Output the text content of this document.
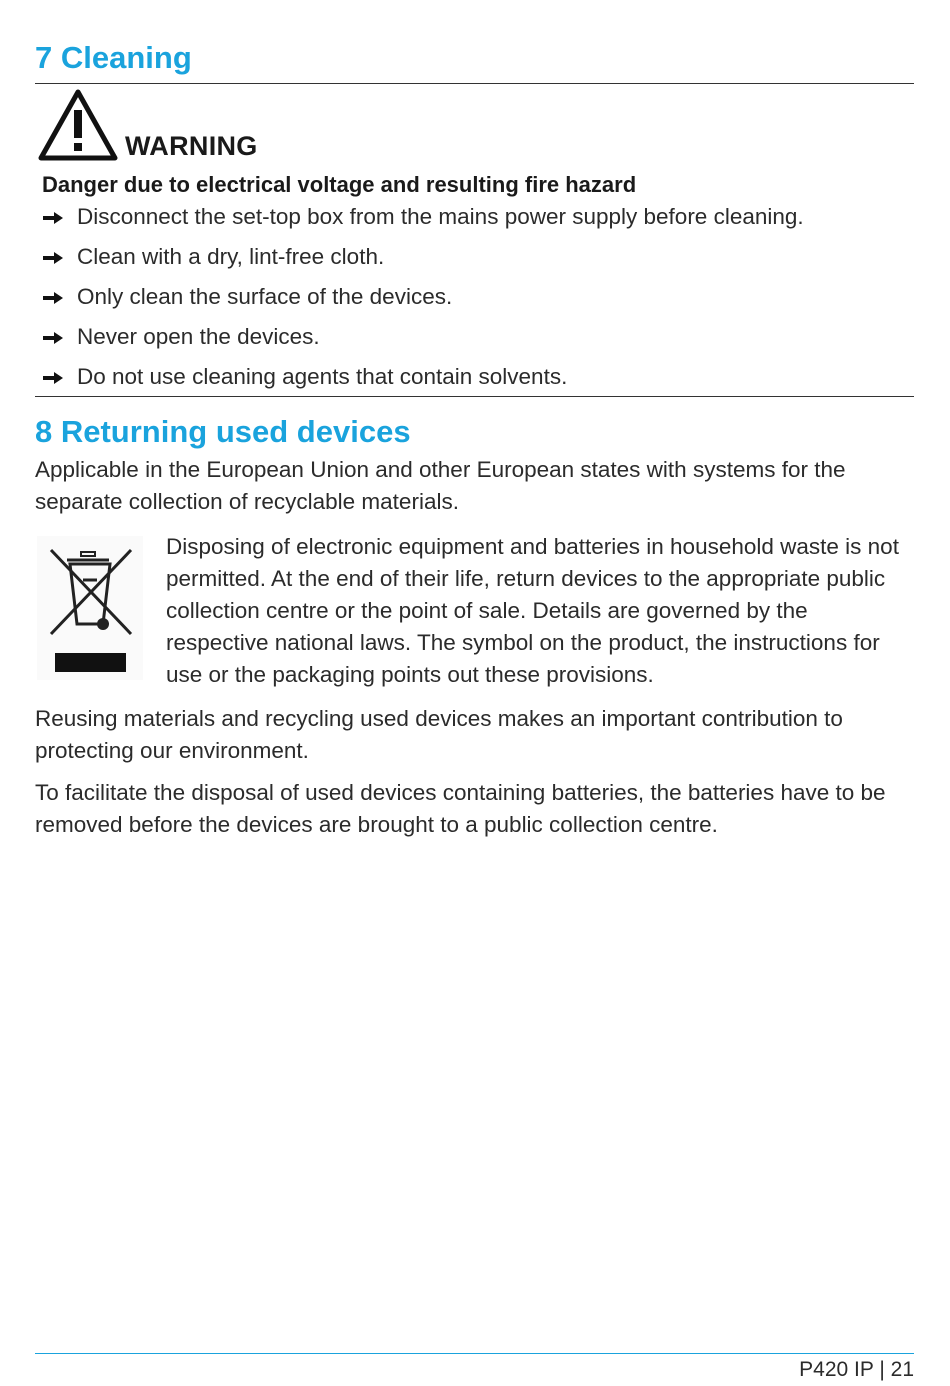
7 Cleaning
WARNING
Danger due to electrical voltage and resulting fire hazard
Disconnect the set-top box from the mains power supply before cleaning.
Clean with a dry, lint-free cloth.
Only clean the surface of the devices.
Never open the devices.
Do not use cleaning agents that contain solvents.
8 Returning used devices

Applicable in the European Union and other European states with systems for the separate collection of recyclable materials.

Disposing of electronic equipment and batteries in household waste is not permitted. At the end of their life, return devices to the appropriate public collection centre or the point of sale. Details are governed by the respective national laws. The symbol on the product, the instructions for use or the packaging points out these provisions.

Reusing materials and recycling used devices makes an important contribution to protecting our environment.

To facilitate the disposal of used devices containing batteries, the batteries have to be removed before the devices are brought to a public collection centre.

P420 IP | 21
